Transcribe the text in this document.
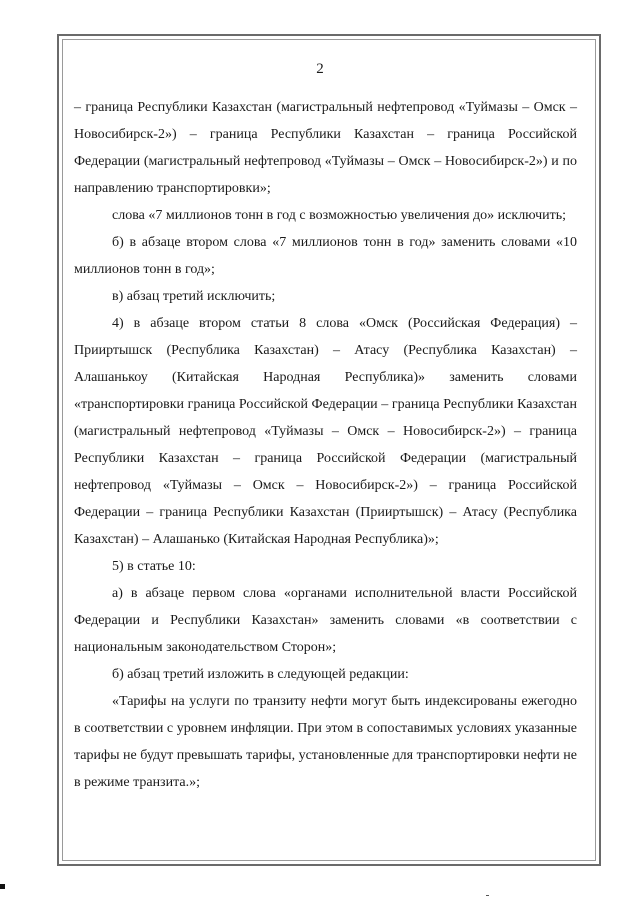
2

– граница Республики Казахстан (магистральный нефтепровод «Туймазы – Омск – Новосибирск-2») – граница Республики Казахстан – граница Российской Федерации (магистральный нефтепровод «Туймазы – Омск – Новосибирск-2») и по направлению транспортировки»;

слова «7 миллионов тонн в год с возможностью увеличения до» исключить;

б) в абзаце втором слова «7 миллионов тонн в год» заменить словами «10 миллионов тонн в год»;

в) абзац третий исключить;

4) в абзаце втором статьи 8 слова «Омск (Российская Федерация) – Прииртышск (Республика Казахстан) – Атасу (Республика Казахстан) – Алашанькоу (Китайская Народная Республика)» заменить словами «транспортировки граница Российской Федерации – граница Республики Казахстан (магистральный нефтепровод «Туймазы – Омск – Новосибирск-2») – граница Республики Казахстан – граница Российской Федерации (магистральный нефтепровод «Туймазы – Омск – Новосибирск-2») – граница Российской Федерации – граница Республики Казахстан (Прииртышск) – Атасу (Республика Казахстан) – Алашанько (Китайская Народная Республика)»;

5) в статье 10:

а) в абзаце первом слова «органами исполнительной власти Российской Федерации и Республики Казахстан» заменить словами «в соответствии с национальным законодательством Сторон»;

б) абзац третий изложить в следующей редакции:

«Тарифы на услуги по транзиту нефти могут быть индексированы ежегодно в соответствии с уровнем инфляции. При этом в сопоставимых условиях указанные тарифы не будут превышать тарифы, установленные для транспортировки нефти не в режиме транзита.»;
